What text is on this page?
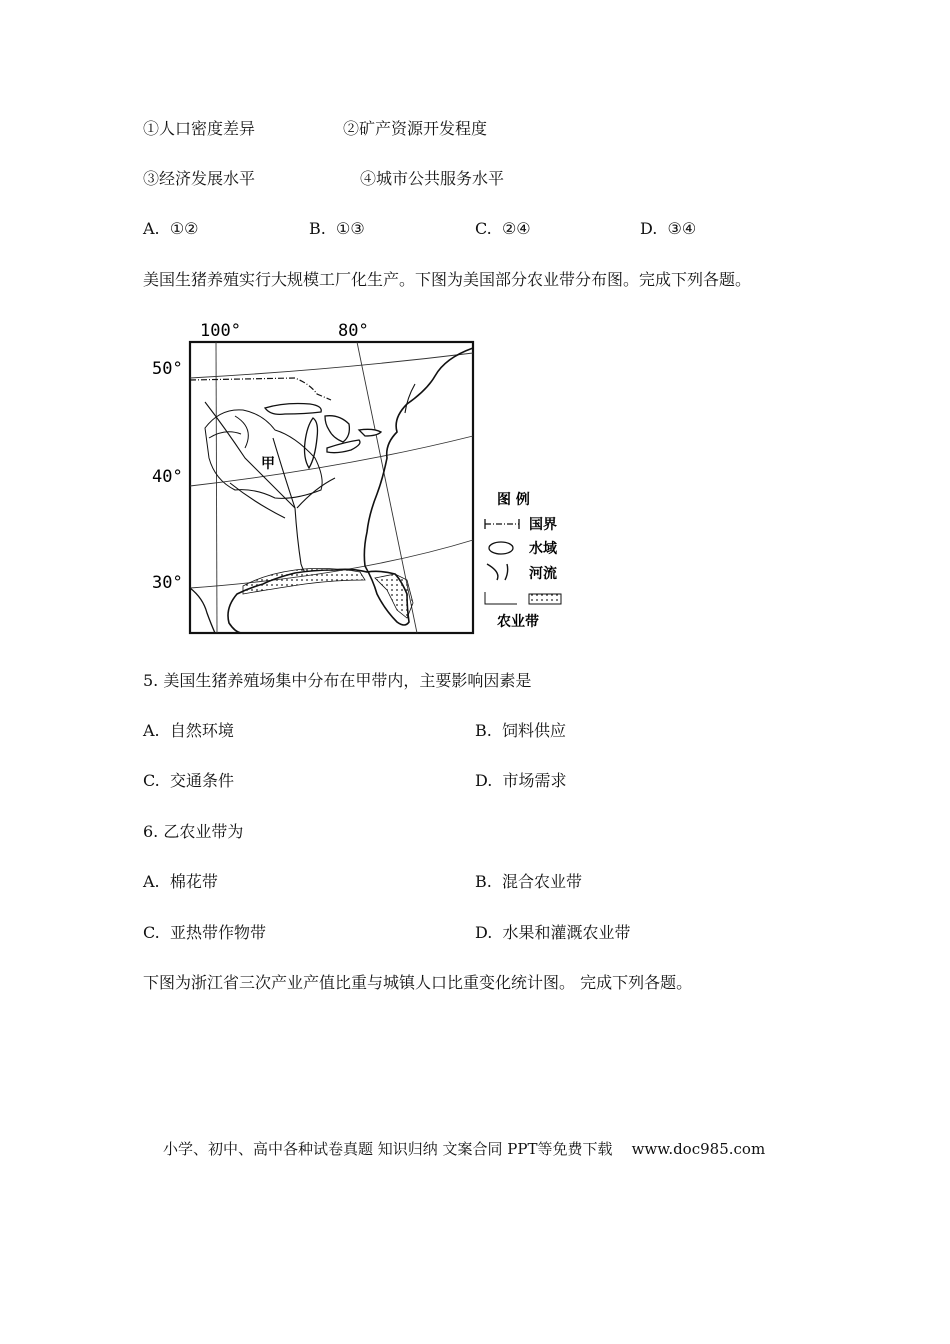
①人口密度差异	②矿产资源开发程度
③经济发展水平	④城市公共服务水平
A. ①②	B. ①③	C. ②④	D. ③④
美国生猪养殖实行大规模工厂化生产。下图为美国部分农业带分布图。完成下列各题。
100°	80°
50°
40°
30°
甲
图 例
国界
水域
河流
农业带
5. 美国生猪养殖场集中分布在甲带内，主要影响因素是
A. 自然环境	B. 饲料供应
C. 交通条件	D. 市场需求
6. 乙农业带为
A. 棉花带	B. 混合农业带
C. 亚热带作物带	D. 水果和灌溉农业带
下图为浙江省三次产业产值比重与城镇人口比重变化统计图。 完成下列各题。
小学、初中、高中各种试卷真题 知识归纳 文案合同 PPT等免费下载 www.doc985.com
